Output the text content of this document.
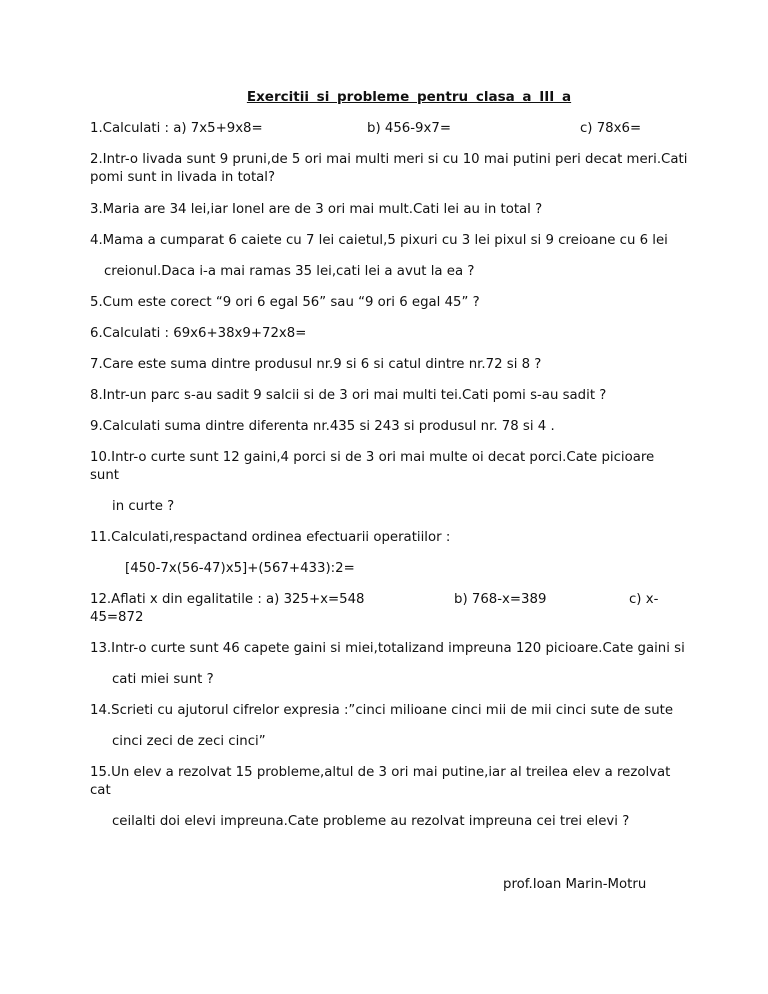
Exercitii si probleme pentru clasa a III a
1.Calculati : a) 7x5+9x8=	b) 456-9x7=	c) 78x6=
2.Intr-o livada sunt 9 pruni,de 5 ori mai multi meri si cu 10 mai putini peri decat meri.Cati pomi sunt in livada in total?
3.Maria are 34 lei,iar Ionel are de 3 ori mai mult.Cati lei au in total ?
4.Mama a cumparat 6 caiete cu 7 lei caietul,5 pixuri cu 3 lei pixul si 9 creioane cu 6 lei
creionul.Daca i-a mai ramas 35 lei,cati lei a avut la ea ?
5.Cum este corect “9 ori 6 egal 56” sau “9 ori 6 egal 45” ?
6.Calculati : 69x6+38x9+72x8=
7.Care este suma dintre produsul nr.9 si 6 si catul dintre nr.72 si 8 ?
8.Intr-un parc s-au sadit 9 salcii si de 3 ori mai multi tei.Cati pomi s-au sadit ?
9.Calculati suma dintre diferenta nr.435 si 243 si produsul nr. 78 si 4 .
10.Intr-o curte sunt 12 gaini,4 porci si de 3 ori mai multe oi decat porci.Cate picioare
sunt
in curte ?
11.Calculati,respactand ordinea efectuarii operatiilor :
[450-7x(56-47)x5]+(567+433):2=
12.Aflati x din egalitatile : a) 325+x=548	b) 768-x=389	c) x-
45=872
13.Intr-o curte sunt 46 capete gaini si miei,totalizand impreuna 120 picioare.Cate gaini si
cati miei sunt ?
14.Scrieti cu ajutorul cifrelor expresia :”cinci milioane cinci mii de mii cinci sute de sute
cinci zeci de zeci cinci”
15.Un elev a rezolvat 15 probleme,altul de 3 ori mai putine,iar al treilea elev a rezolvat
cat
ceilalti doi elevi impreuna.Cate probleme au rezolvat impreuna cei trei elevi ?
prof.Ioan Marin-Motru
